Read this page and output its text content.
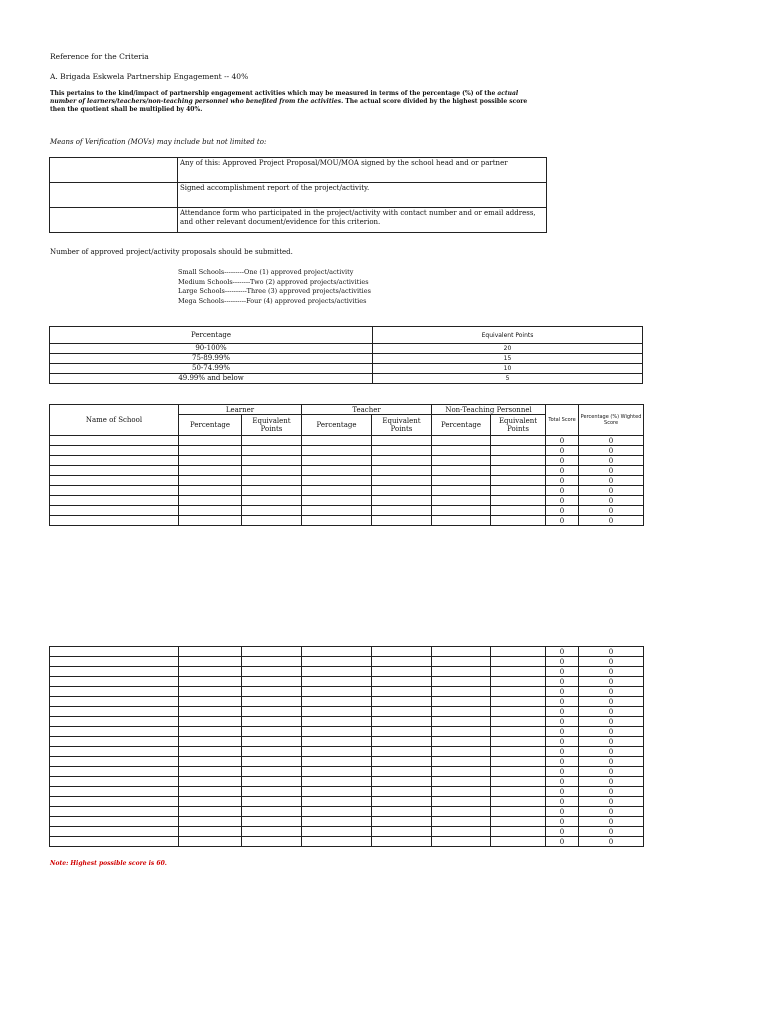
Reference for the Criteria
A. Brigada Eskwela Partnership Engagement -- 40%
This pertains to the kind/impact of partnership engagement activities which may be measured in terms of the percentage (%) of the actual number of learners/teachers/non-teaching personnel who benefited from the activities. The actual score divided by the highest possible score then the quotient shall be multiplied by 40%.
Means of Verification (MOVs) may include but not limited to:
	Any of this: Approved Project Proposal/MOU/MOA signed by the school head and or partner
	Signed accomplishment report of the project/activity.
	Attendance form who participated in the project/activity with contact number and or email address, and other relevant document/evidence for this criterion.
Number of approved project/activity proposals should be submitted.
Small Schools---------One (1) approved project/activity
Medium Schools--------Two (2) approved projects/activities
Large Schools----------Three (3) approved projects/activities
Mega Schools----------Four (4) approved projects/activities
Percentage	Equivalent Points
90-100%	20
75-89.99%	15
50-74.99%	10
49.99% and below	5
Name of School	Learner		Teacher		Non-Teaching Personnel		Total Score	Percentage (%) Wighted Score
	Percentage	Equivalent Points	Percentage	Equivalent Points	Percentage	Equivalent Points		
							0	0
							0	0
							0	0
							0	0
							0	0
							0	0
							0	0
							0	0
							0	0
							0	0
							0	0
							0	0
							0	0
							0	0
							0	0
							0	0
							0	0
							0	0
							0	0
							0	0
							0	0
							0	0
							0	0
							0	0
							0	0
							0	0
							0	0
							0	0
							0	0
Note: Highest possible score is 60.
